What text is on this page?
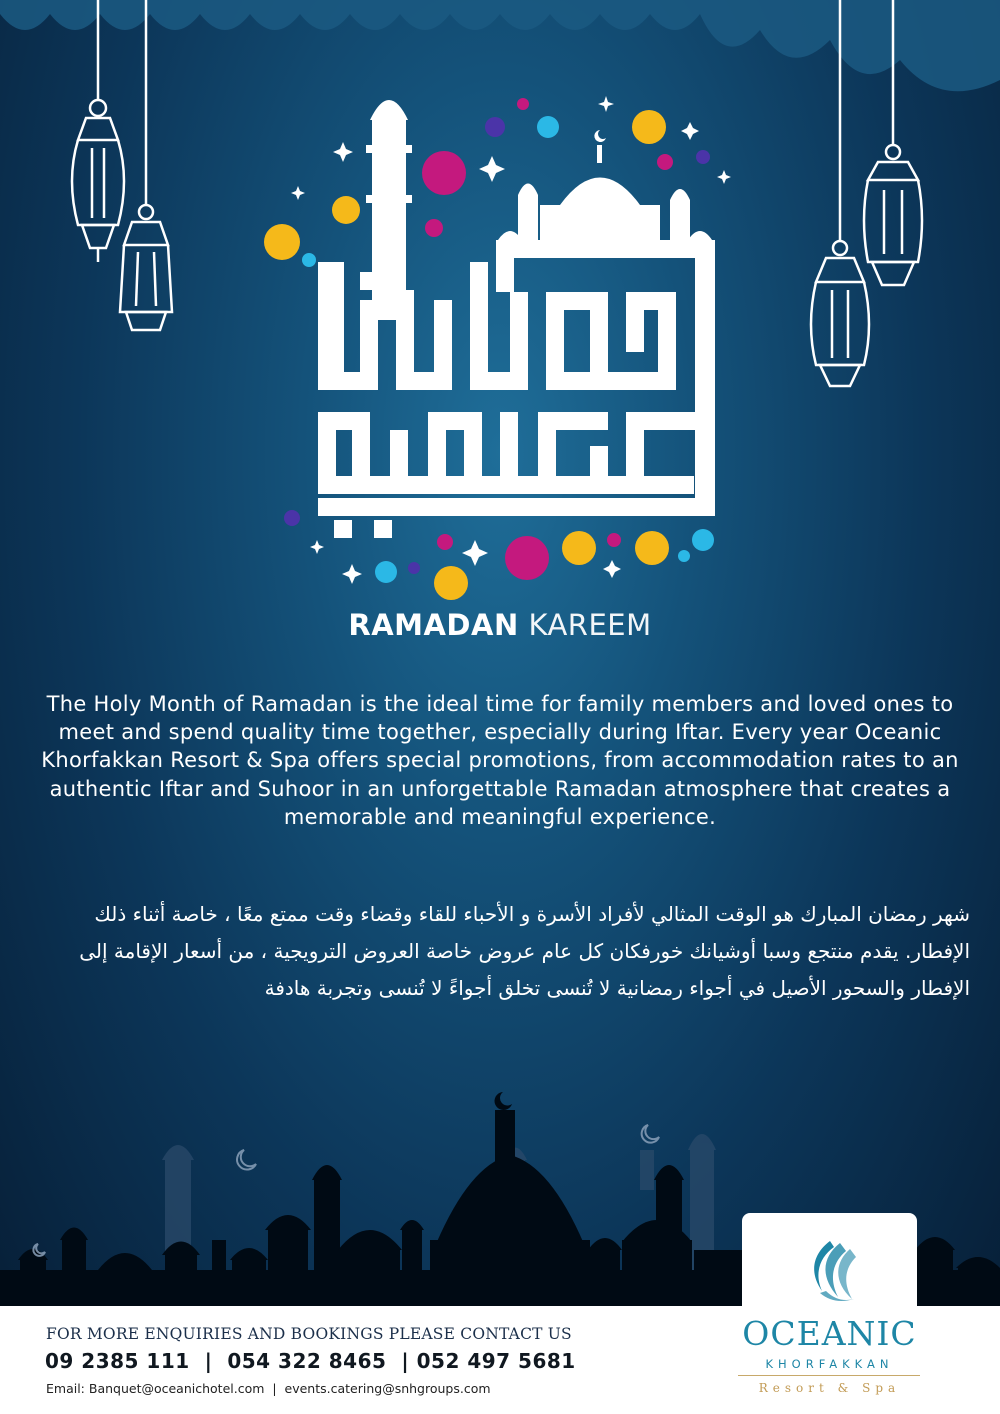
RAMADAN KAREEM
The Holy Month of Ramadan is the ideal time for family members and loved ones to meet and spend quality time together, especially during Iftar. Every year Oceanic Khorfakkan Resort & Spa offers special promotions, from accommodation rates to an authentic Iftar and Suhoor in an unforgettable Ramadan atmosphere that creates a memorable and meaningful experience.
شهر رمضان المبارك هو الوقت المثالي لأفراد الأسرة و الأحباء للقاء وقضاء وقت ممتع معًا ، خاصة أثناء ذلك الإفطار. يقدم منتجع وسبا أوشيانك خورفكان كل عام عروض خاصة العروض الترويجية ، من أسعار الإقامة إلى الإفطار والسحور الأصيل في أجواء رمضانية لا تُنسى تخلق أجواءً لا تُنسى وتجربة هادفة
FOR MORE ENQUIRIES AND BOOKINGS PLEASE CONTACT US
09 2385 111  |  054 322 8465  | 052 497 5681
Email: Banquet@oceanichotel.com  |  events.catering@snhgroups.com
OCEANIC
KHORFAKKAN
Resort & Spa
